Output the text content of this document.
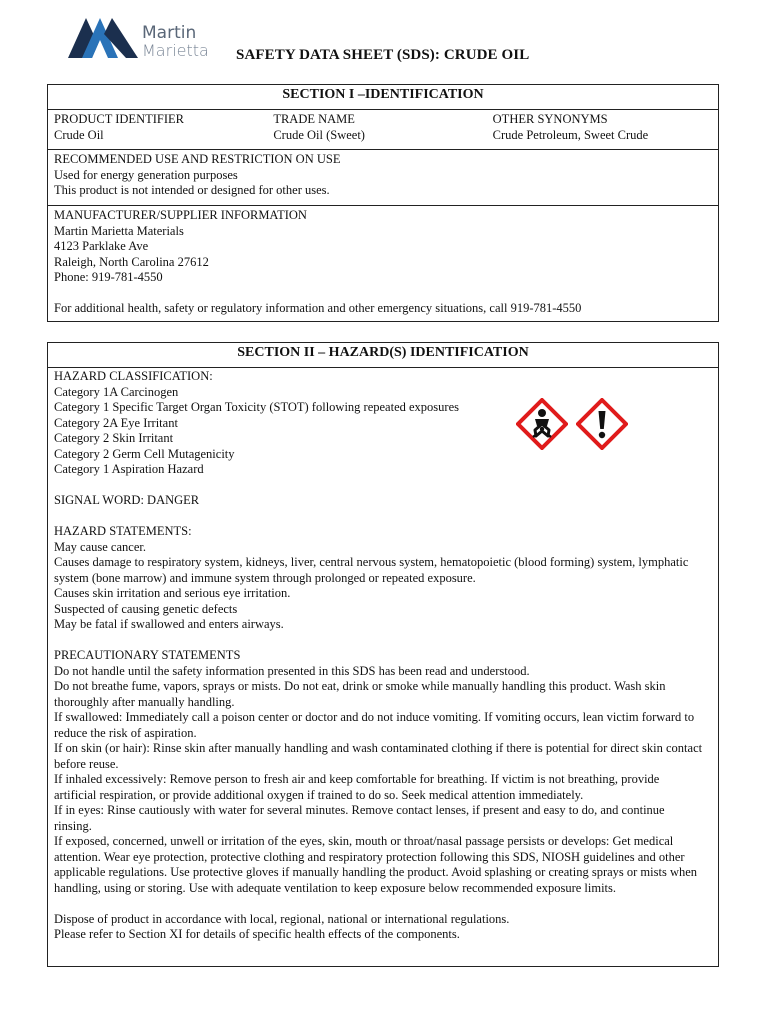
Martin
Marietta SAFETY DATA SHEET (SDS): CRUDE OIL
SECTION I –IDENTIFICATION
PRODUCT IDENTIFIER
Crude Oil
TRADE NAME
Crude Oil (Sweet)
OTHER SYNONYMS
Crude Petroleum, Sweet Crude
RECOMMENDED USE AND RESTRICTION ON USE
Used for energy generation purposes
This product is not intended or designed for other uses.
MANUFACTURER/SUPPLIER INFORMATION
Martin Marietta Materials
4123 Parklake Ave
Raleigh, North Carolina 27612
Phone: 919-781-4550
For additional health, safety or regulatory information and other emergency situations, call 919-781-4550
SECTION II – HAZARD(S) IDENTIFICATION
HAZARD CLASSIFICATION:
Category 1A Carcinogen
Category 1 Specific Target Organ Toxicity (STOT) following repeated exposures
Category 2A Eye Irritant
Category 2 Skin Irritant
Category 2 Germ Cell Mutagenicity
Category 1 Aspiration Hazard
SIGNAL WORD: DANGER
HAZARD STATEMENTS:
May cause cancer.
Causes damage to respiratory system, kidneys, liver, central nervous system, hematopoietic (blood forming) system, lymphatic
system (bone marrow) and immune system through prolonged or repeated exposure.
Causes skin irritation and serious eye irritation.
Suspected of causing genetic defects
May be fatal if swallowed and enters airways.
PRECAUTIONARY STATEMENTS
Do not handle until the safety information presented in this SDS has been read and understood.
Do not breathe fume, vapors, sprays or mists. Do not eat, drink or smoke while manually handling this product. Wash skin
thoroughly after manually handling.
If swallowed: Immediately call a poison center or doctor and do not induce vomiting. If vomiting occurs, lean victim forward to
reduce the risk of aspiration.
If on skin (or hair): Rinse skin after manually handling and wash contaminated clothing if there is potential for direct skin contact
before reuse.
If inhaled excessively: Remove person to fresh air and keep comfortable for breathing. If victim is not breathing, provide
artificial respiration, or provide additional oxygen if trained to do so. Seek medical attention immediately.
If in eyes: Rinse cautiously with water for several minutes. Remove contact lenses, if present and easy to do, and continue
rinsing.
If exposed, concerned, unwell or irritation of the eyes, skin, mouth or throat/nasal passage persists or develops: Get medical
attention. Wear eye protection, protective clothing and respiratory protection following this SDS, NIOSH guidelines and other
applicable regulations. Use protective gloves if manually handling the product. Avoid splashing or creating sprays or mists when
handling, using or storing. Use with adequate ventilation to keep exposure below recommended exposure limits.
Dispose of product in accordance with local, regional, national or international regulations.
Please refer to Section XI for details of specific health effects of the components.
